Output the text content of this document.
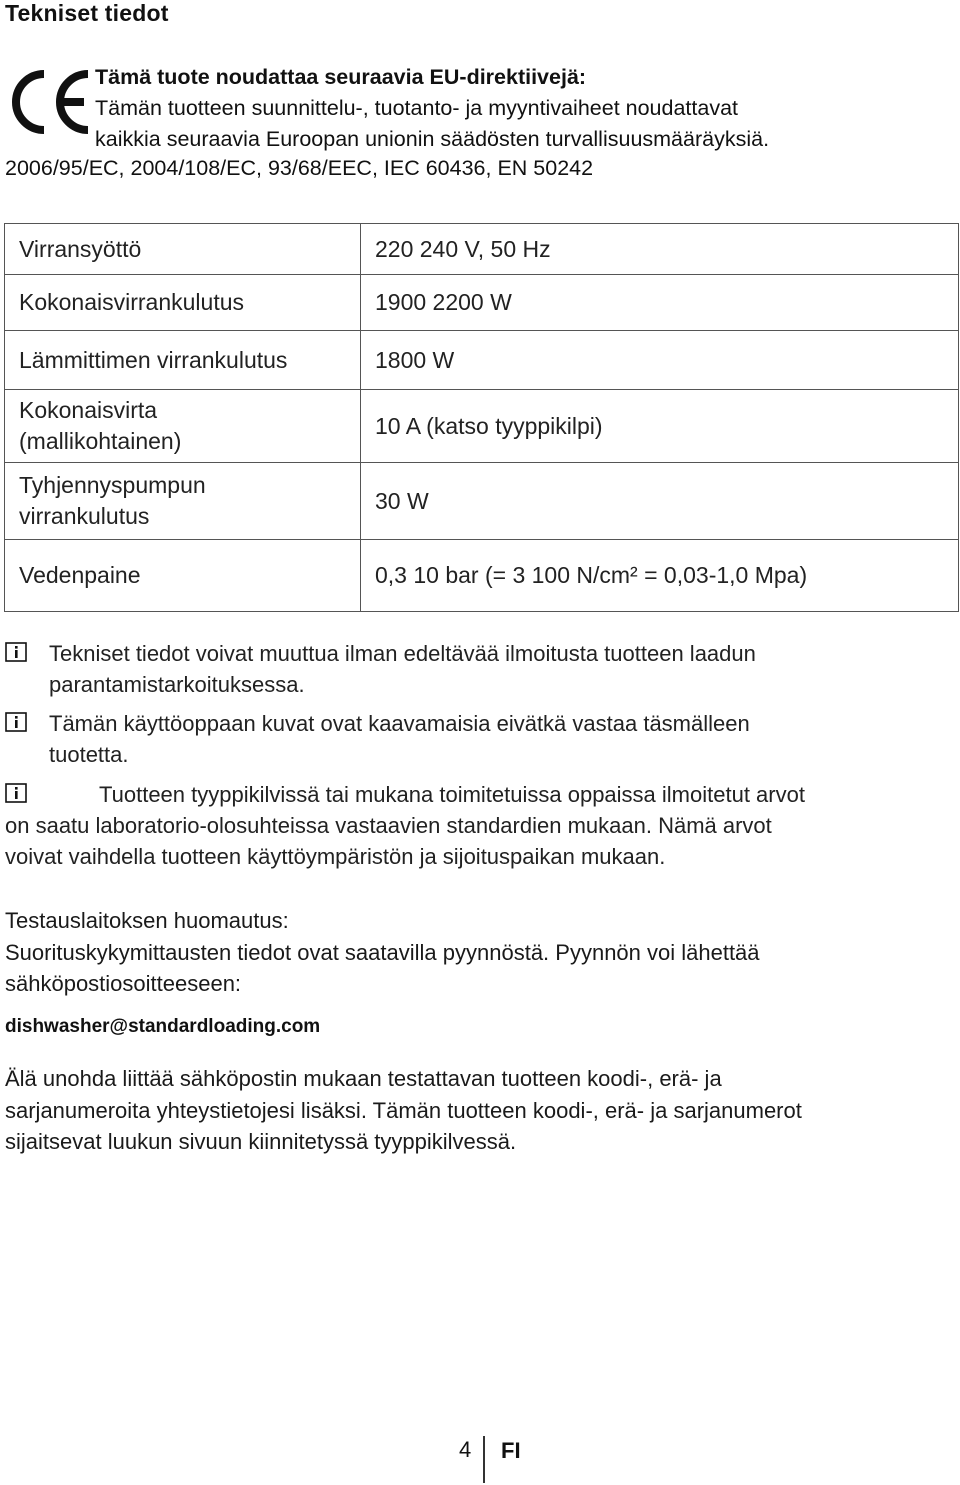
Tekniset tiedot
Tämä tuote noudattaa seuraavia EU-direktiivejä:
Tämän tuotteen suunnittelu-, tuotanto- ja myyntivaiheet noudattavat
kaikkia seuraavia Euroopan unionin säädösten turvallisuusmääräyksiä.
2006/95/EC, 2004/108/EC, 93/68/EEC, IEC 60436, EN 50242
Virransyöttö	220 240 V, 50 Hz
Kokonaisvirrankulutus	1900 2200 W
Lämmittimen virrankulutus	1800 W

Kokonaisvirta
(mallikohtainen)	10 A (katso tyyppikilpi)

Tyhjennyspumpun
virrankulutus	30 W
Vedenpaine	0,3 10 bar (= 3 100 N/cm² = 0,03-1,0 Mpa)
Tekniset tiedot voivat muuttua ilman edeltävää ilmoitusta tuotteen laadun
parantamistarkoituksessa.
Tämän käyttöoppaan kuvat ovat kaavamaisia eivätkä vastaa täsmälleen
tuotetta.
Tuotteen tyyppikilvissä tai mukana toimitetuissa oppaissa ilmoitetut arvot
on saatu laboratorio-olosuhteissa vastaavien standardien mukaan. Nämä arvot
voivat vaihdella tuotteen käyttöympäristön ja sijoituspaikan mukaan.
Testauslaitoksen huomautus:
Suorituskykymittausten tiedot ovat saatavilla pyynnöstä. Pyynnön voi lähettää
sähköpostiosoitteeseen:
dishwasher@standardloading.com
Älä unohda liittää sähköpostin mukaan testattavan tuotteen koodi-, erä- ja
sarjanumeroita yhteystietojesi lisäksi. Tämän tuotteen koodi-, erä- ja sarjanumerot
sijaitsevat luukun sivuun kiinnitetyssä tyyppikilvessä.
4 FI
